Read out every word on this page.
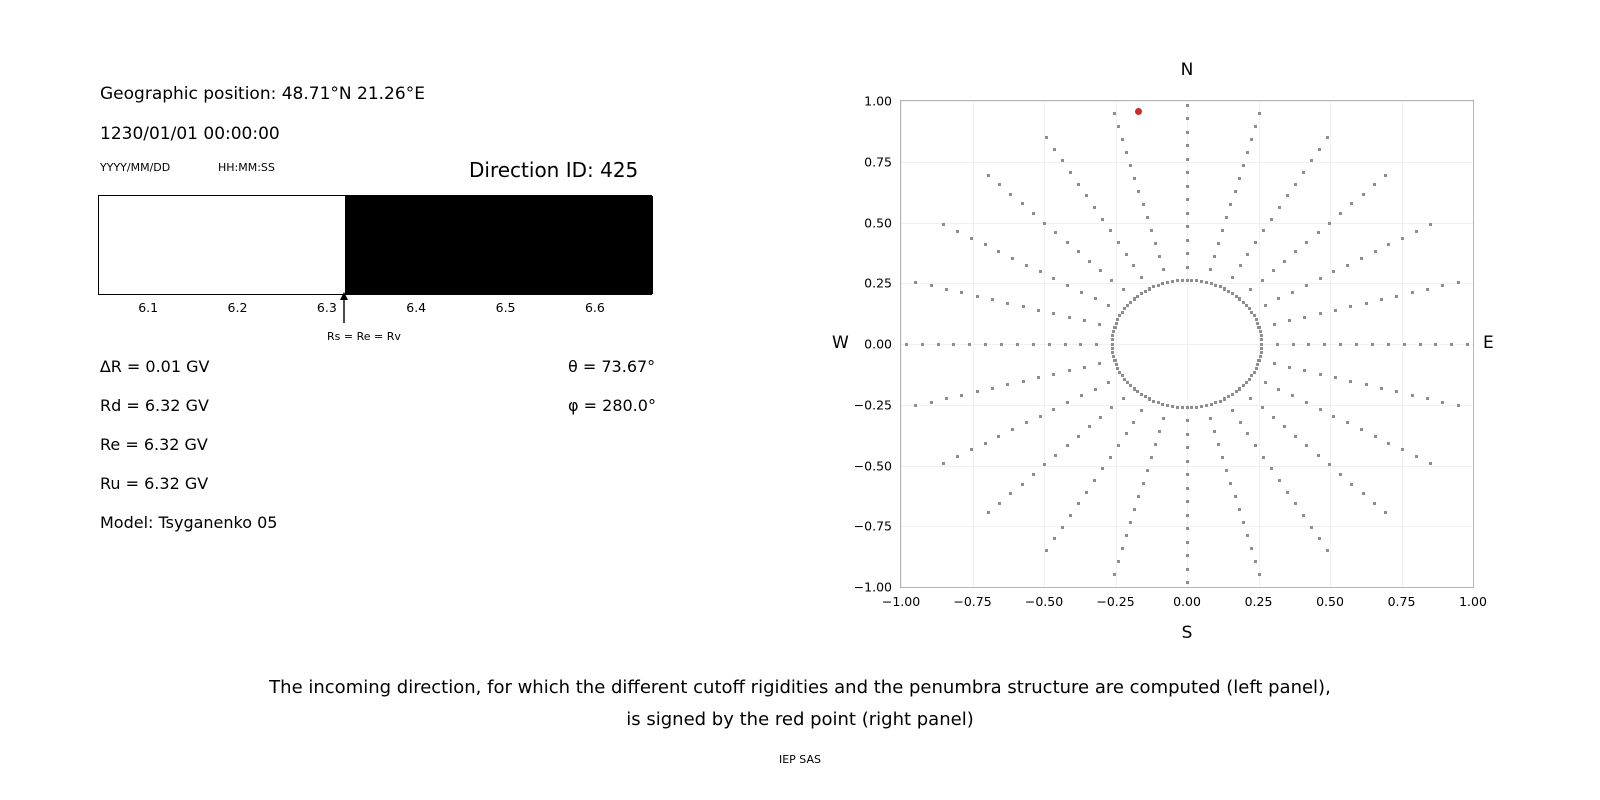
Geographic position: 48.71°N 21.26°E
1230/01/01 00:00:00
YYYY/MM/DD	HH:MM:SS	Direction ID: 425
6.1	6.2	6.3	6.4	6.5	6.6
Rs = Re = Rv
∆R = 0.01 GV
Rd = 6.32 GV
Re = 6.32 GV
Ru = 6.32 GV
Model: Tsyganenko 05
θ = 73.67°
φ = 280.0°
N
S
W	E
−1.00
−0.75
−0.50
−0.25
0.00
0.25
0.50
0.75
1.00
−1.00	−0.75	−0.50	−0.25	0.00	0.25	0.50	0.75	1.00
The incoming direction, for which the different cutoff rigidities and the penumbra structure are computed (left panel),
is signed by the red point (right panel)
IEP SAS
